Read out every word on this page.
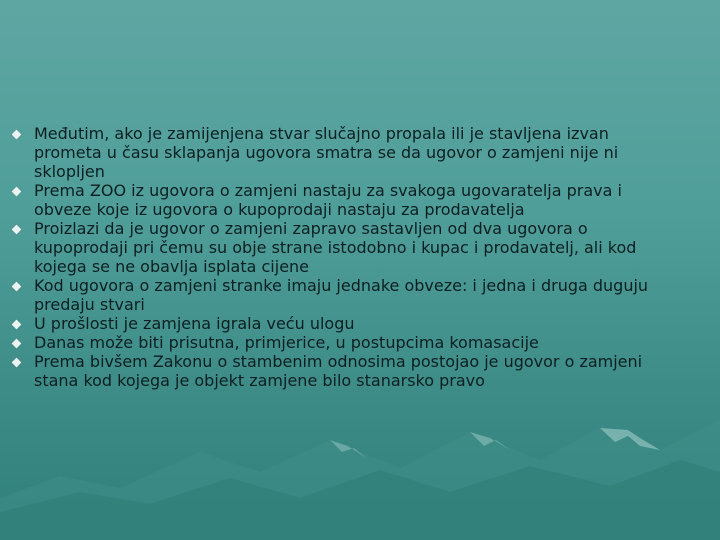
Međutim, ako je zamijenjena stvar slučajno propala ili je stavljena izvan prometa u času sklapanja ugovora smatra se da ugovor o zamjeni nije ni sklopljen
Prema ZOO iz ugovora o zamjeni nastaju za svakoga ugovaratelja prava i obveze koje iz ugovora o kupoprodaji nastaju za prodavatelja
Proizlazi da je ugovor o zamjeni zapravo sastavljen od dva ugovora o kupoprodaji pri čemu su obje strane istodobno i kupac i prodavatelj, ali kod kojega se ne obavlja isplata cijene
Kod ugovora o zamjeni stranke imaju jednake obveze: i jedna i druga duguju predaju stvari
U prošlosti je zamjena igrala veću ulogu
Danas može biti prisutna, primjerice, u postupcima komasacije
Prema bivšem Zakonu o stambenim odnosima postojao je ugovor o zamjeni stana kod kojega je objekt zamjene bilo stanarsko pravo
